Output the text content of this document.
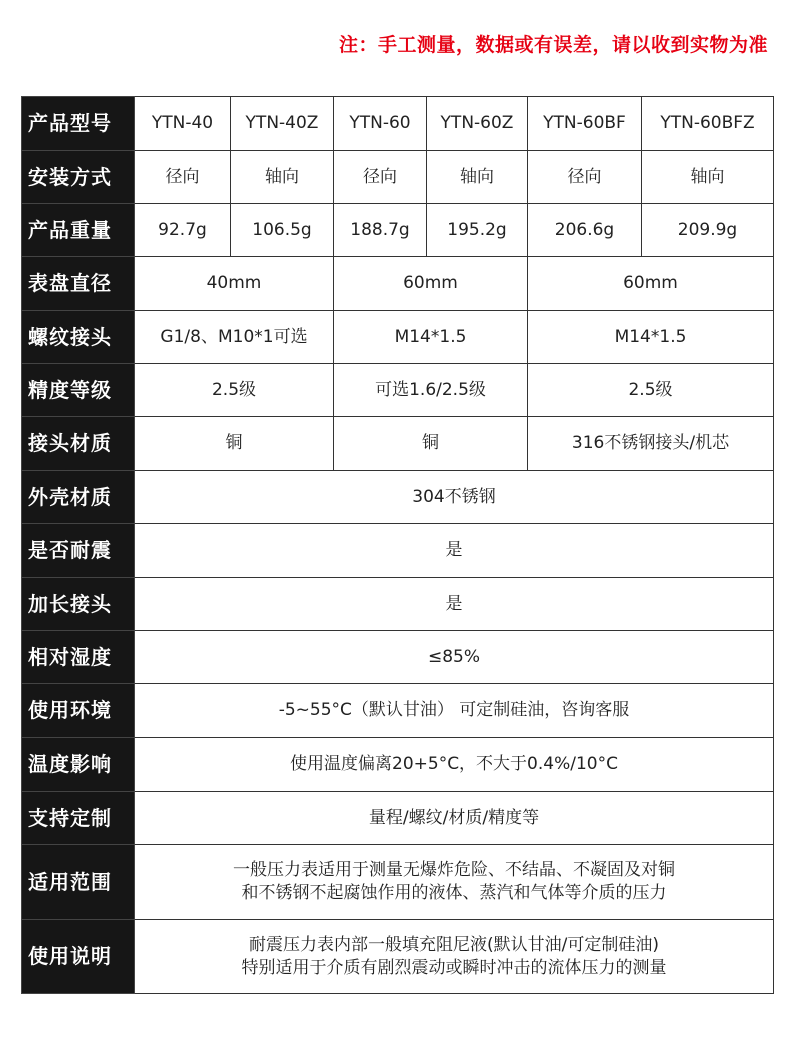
注：手工测量，数据或有误差，请以收到实物为准
产品型号	YTN-40	YTN-40Z	YTN-60	YTN-60Z	YTN-60BF	YTN-60BFZ
安装方式	径向	轴向	径向	轴向	径向	轴向
产品重量	92.7g	106.5g	188.7g	195.2g	206.6g	209.9g
表盘直径	40mm		60mm		60mm	
螺纹接头	G1/8、M10*1可选		M14*1.5		M14*1.5	
精度等级	2.5级		可选1.6/2.5级		2.5级	
接头材质	铜		铜		316不锈钢接头/机芯	
外壳材质	304不锈钢					
是否耐震	是					
加长接头	是					
相对湿度	≤85%					
使用环境	-5~55°C（默认甘油） 可定制硅油，咨询客服					
温度影响	使用温度偏离20+5°C，不大于0.4%/10°C					
支持定制	量程/螺纹/材质/精度等					
适用范围	一般压力表适用于测量无爆炸危险、不结晶、不凝固及对铜
和不锈钢不起腐蚀作用的液体、蒸汽和气体等介质的压力					
使用说明	耐震压力表内部一般填充阻尼液(默认甘油/可定制硅油)
特别适用于介质有剧烈震动或瞬时冲击的流体压力的测量					
